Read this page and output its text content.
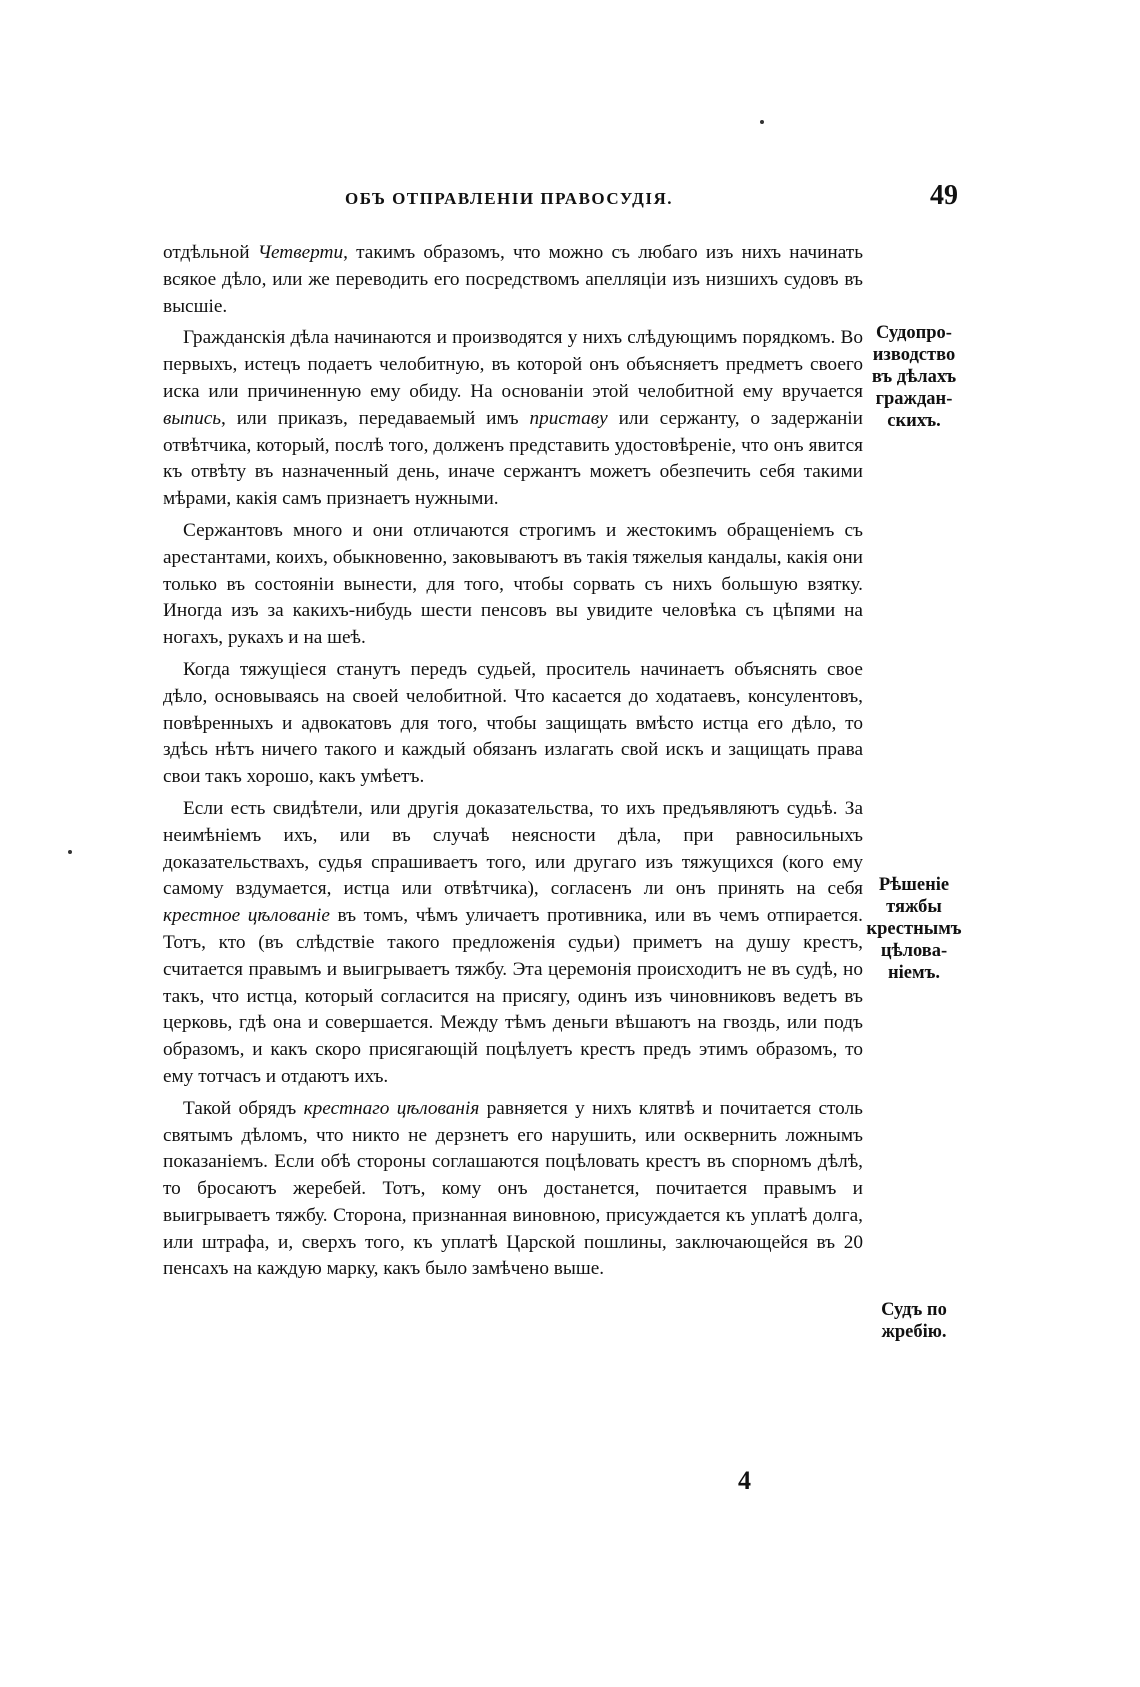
ОБЪ ОТПРАВЛЕНІИ ПРАВОСУДІЯ.	49

отдѣльной Четверти, такимъ образомъ, что можно съ любаго изъ нихъ начинать всякое дѣло, или же переводить его посредствомъ апелляціи изъ низшихъ судовъ въ высшіе.

Гражданскія дѣла начинаются и производятся у нихъ слѣдующимъ порядкомъ. Во первыхъ, истецъ подаетъ челобитную, въ которой онъ объясняетъ предметъ своего иска или причиненную ему обиду. На основаніи этой челобитной ему вручается выпись, или приказъ, передаваемый имъ приставу или сержанту, о задержаніи отвѣтчика, который, послѣ того, долженъ представить удостовѣреніе, что онъ явится къ отвѣту въ назначенный день, иначе сержантъ можетъ обезпечить себя такими мѣрами, какія самъ признаетъ нужными.

Сержантовъ много и они отличаются строгимъ и жестокимъ обращеніемъ съ арестантами, коихъ, обыкновенно, заковываютъ въ такія тяжелыя кандалы, какія они только въ состояніи вынести, для того, чтобы сорвать съ нихъ большую взятку. Иногда изъ за какихъ-нибудь шести пенсовъ вы увидите человѣка съ цѣпями на ногахъ, рукахъ и на шеѣ.

Когда тяжущіеся станутъ передъ судьей, проситель начинаетъ объяснять свое дѣло, основываясь на своей челобитной. Что касается до ходатаевъ, консулентовъ, повѣренныхъ и адвокатовъ для того, чтобы защищать вмѣсто истца его дѣло, то здѣсь нѣтъ ничего такого и каждый обязанъ излагать свой искъ и защищать права свои такъ хорошо, какъ умѣетъ.

Если есть свидѣтели, или другія доказательства, то ихъ предъявляютъ судьѣ. За неимѣніемъ ихъ, или въ случаѣ неясности дѣла, при равносильныхъ доказательствахъ, судья спрашиваетъ того, или другаго изъ тяжущихся (кого ему самому вздумается, истца или отвѣтчика), согласенъ ли онъ принять на себя крестное цѣлованіе въ томъ, чѣмъ уличаетъ противника, или въ чемъ отпирается. Тотъ, кто (въ слѣдствіе такого предложенія судьи) приметъ на душу крестъ, считается правымъ и выигрываетъ тяжбу. Эта церемонія происходитъ не въ судѣ, но такъ, что истца, который согласится на присягу, одинъ изъ чиновниковъ ведетъ въ церковь, гдѣ она и совершается. Между тѣмъ деньги вѣшаютъ на гвоздь, или подъ образомъ, и какъ скоро присягающій поцѣлуетъ крестъ предъ этимъ образомъ, то ему тотчасъ и отдаютъ ихъ.

Такой обрядъ крестнаго цѣлованія равняется у нихъ клятвѣ и почитается столь святымъ дѣломъ, что никто не дерзнетъ его нарушить, или осквернить ложнымъ показаніемъ. Если обѣ стороны соглашаются поцѣловать крестъ въ спорномъ дѣлѣ, то бросаютъ жеребей. Тотъ, кому онъ достанется, почитается правымъ и выигрываетъ тяжбу. Сторона, признанная виновною, присуждается къ уплатѣ долга, или штрафа, и, сверхъ того, къ уплатѣ Царской пошлины, заключающейся въ 20 пенсахъ на каждую марку, какъ было замѣчено выше.

Судопро-
изводство
въ дѣлахъ
граждан-
скихъ.
Рѣшеніе
тяжбы
крестнымъ
цѣлова-
ніемъ.
Судъ по
жребію.
4
